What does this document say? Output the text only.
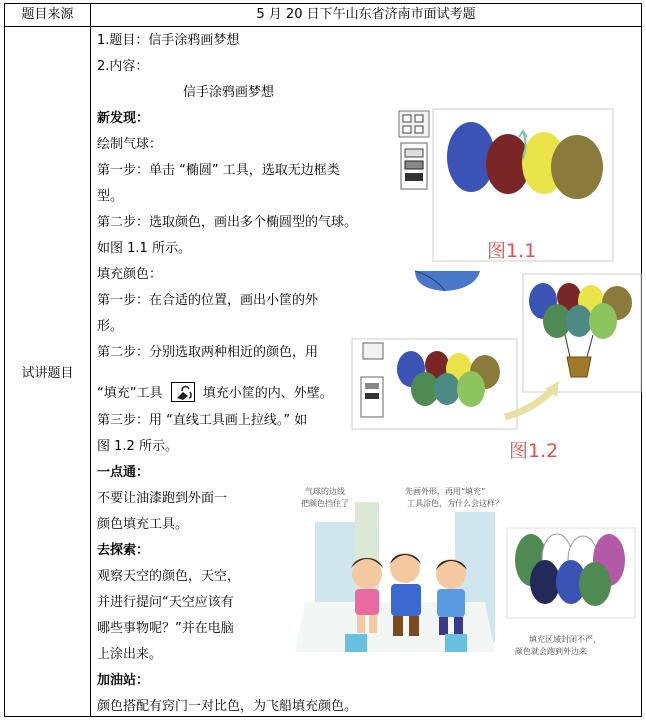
题目来源	5 月 20 日下午山东省济南市面试考题
试讲题目
1.题目：信手涂鸦画梦想
2.内容：
信手涂鸦画梦想
新发现：
绘制气球：
第一步：单击 “椭圆” 工具，选取无边框类
型。
第二步：选取颜色，画出多个椭圆型的气球。
如图 1.1 所示。
填充颜色：
第一步：在合适的位置，画出小筐的外
形。
第二步：分别选取两种相近的颜色，用
“填充”工具	填充小筐的内、外壁。
第三步：用 “直线工具画上拉线。” 如
图 1.2 所示。
一点通：
不要让油漆跑到外面一
颜色填充工具。
去探索：
观察天空的颜色，天空，
并进行提问“天空应该有
哪些事物呢？”并在电脑
上涂出来。
加油站：
颜色搭配有窍门一对比色，为飞船填充颜色。
图1.1
图1.2
气球的边线
把颜色挡住了
先画外形，再用“填充”
工具涂色，为什么会这样？
填充区域封闭不严，
颜色就会跑到外边来
